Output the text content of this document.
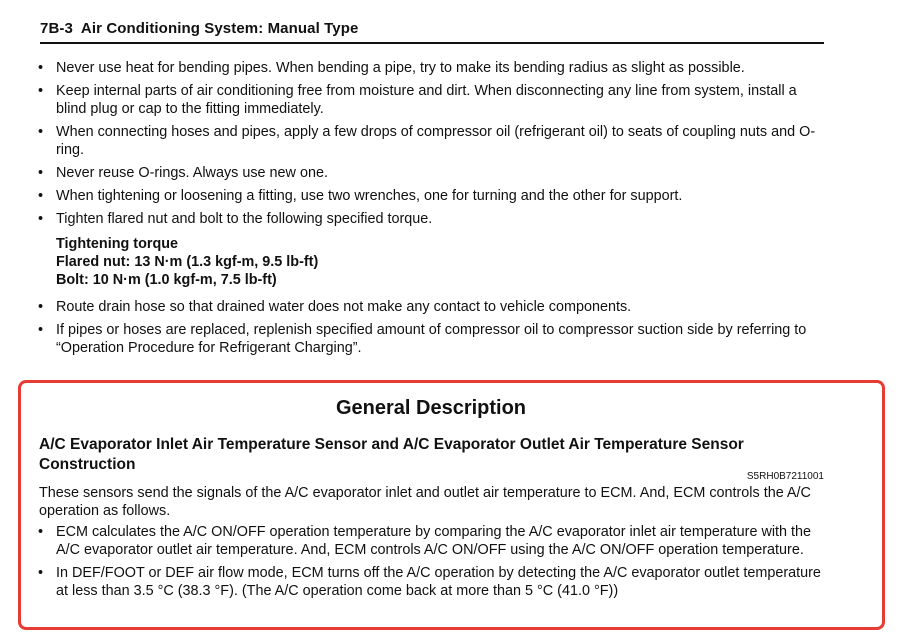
7B-3 Air Conditioning System: Manual Type
• Never use heat for bending pipes. When bending a pipe, try to make its bending radius as slight as possible.
• Keep internal parts of air conditioning free from moisture and dirt. When disconnecting any line from system, install a blind plug or cap to the fitting immediately.
• When connecting hoses and pipes, apply a few drops of compressor oil (refrigerant oil) to seats of coupling nuts and O-ring.
• Never reuse O-rings. Always use new one.
• When tightening or loosening a fitting, use two wrenches, one for turning and the other for support.
• Tighten flared nut and bolt to the following specified torque.
Tightening torque
Flared nut: 13 N·m (1.3 kgf-m, 9.5 lb-ft)
Bolt: 10 N·m (1.0 kgf-m, 7.5 lb-ft)
• Route drain hose so that drained water does not make any contact to vehicle components.
• If pipes or hoses are replaced, replenish specified amount of compressor oil to compressor suction side by referring to “Operation Procedure for Refrigerant Charging”.
General Description
A/C Evaporator Inlet Air Temperature Sensor and A/C Evaporator Outlet Air Temperature Sensor Construction
S5RH0B7211001
These sensors send the signals of the A/C evaporator inlet and outlet air temperature to ECM. And, ECM controls the A/C operation as follows.
• ECM calculates the A/C ON/OFF operation temperature by comparing the A/C evaporator inlet air temperature with the A/C evaporator outlet air temperature. And, ECM controls A/C ON/OFF using the A/C ON/OFF operation temperature.
• In DEF/FOOT or DEF air flow mode, ECM turns off the A/C operation by detecting the A/C evaporator outlet temperature at less than 3.5 °C (38.3 °F). (The A/C operation come back at more than 5 °C (41.0 °F))
